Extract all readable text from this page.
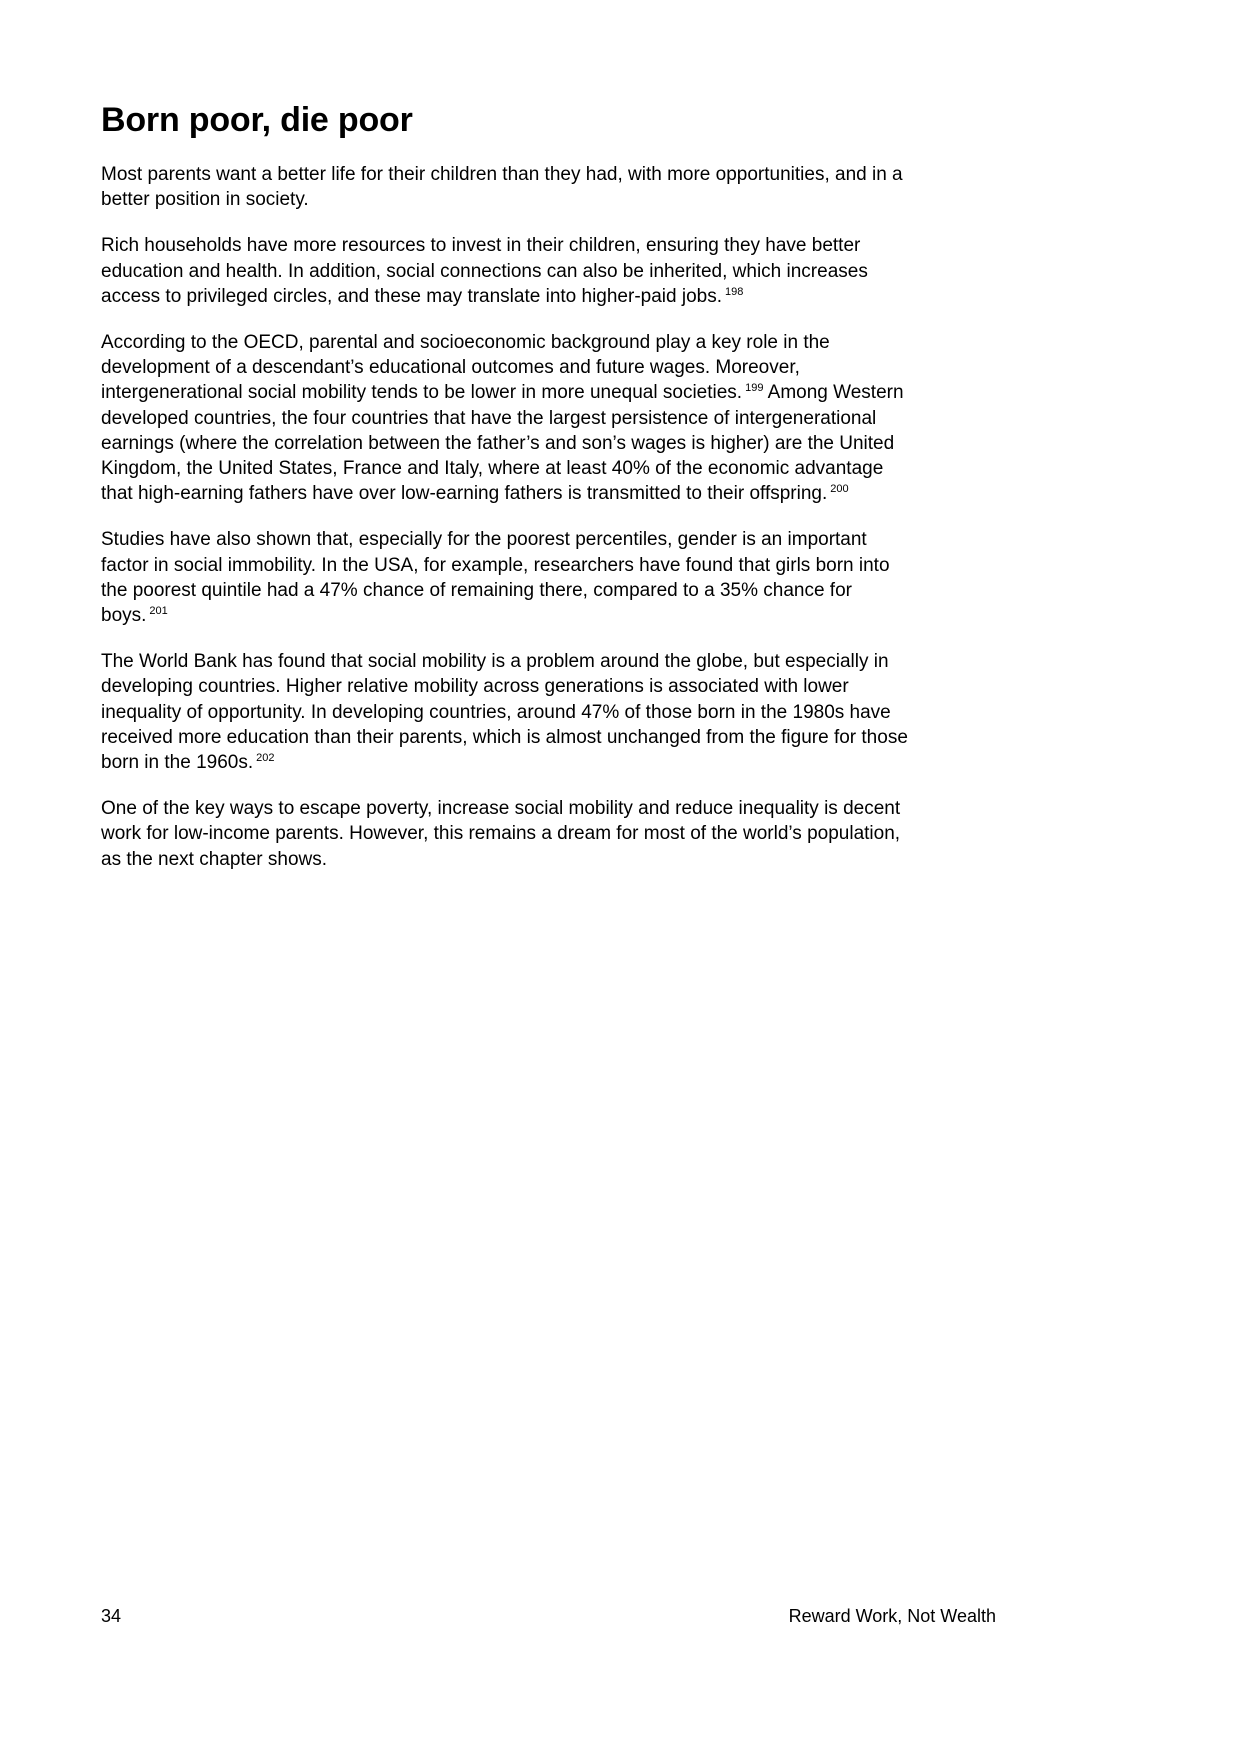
Born poor, die poor

Most parents want a better life for their children than they had, with more opportunities, and in a better position in society.

Rich households have more resources to invest in their children, ensuring they have better education and health. In addition, social connections can also be inherited, which increases access to privileged circles, and these may translate into higher-paid jobs. $^{198}$

According to the OECD, parental and socioeconomic background play a key role in the development of a descendant’s educational outcomes and future wages. Moreover, intergenerational social mobility tends to be lower in more unequal societies. $^{199}$ Among Western developed countries, the four countries that have the largest persistence of intergenerational earnings (where the correlation between the father’s and son’s wages is higher) are the United Kingdom, the United States, France and Italy, where at least 40% of the economic advantage that high-earning fathers have over low-earning fathers is transmitted to their offspring. $^{200}$

Studies have also shown that, especially for the poorest percentiles, gender is an important factor in social immobility. In the USA, for example, researchers have found that girls born into the poorest quintile had a 47% chance of remaining there, compared to a 35% chance for boys. $^{201}$

The World Bank has found that social mobility is a problem around the globe, but especially in developing countries. Higher relative mobility across generations is associated with lower inequality of opportunity. In developing countries, around 47% of those born in the 1980s have received more education than their parents, which is almost unchanged from the figure for those born in the 1960s. $^{202}$

One of the key ways to escape poverty, increase social mobility and reduce inequality is decent work for low-income parents. However, this remains a dream for most of the world’s population, as the next chapter shows.

34	Reward Work, Not Wealth
